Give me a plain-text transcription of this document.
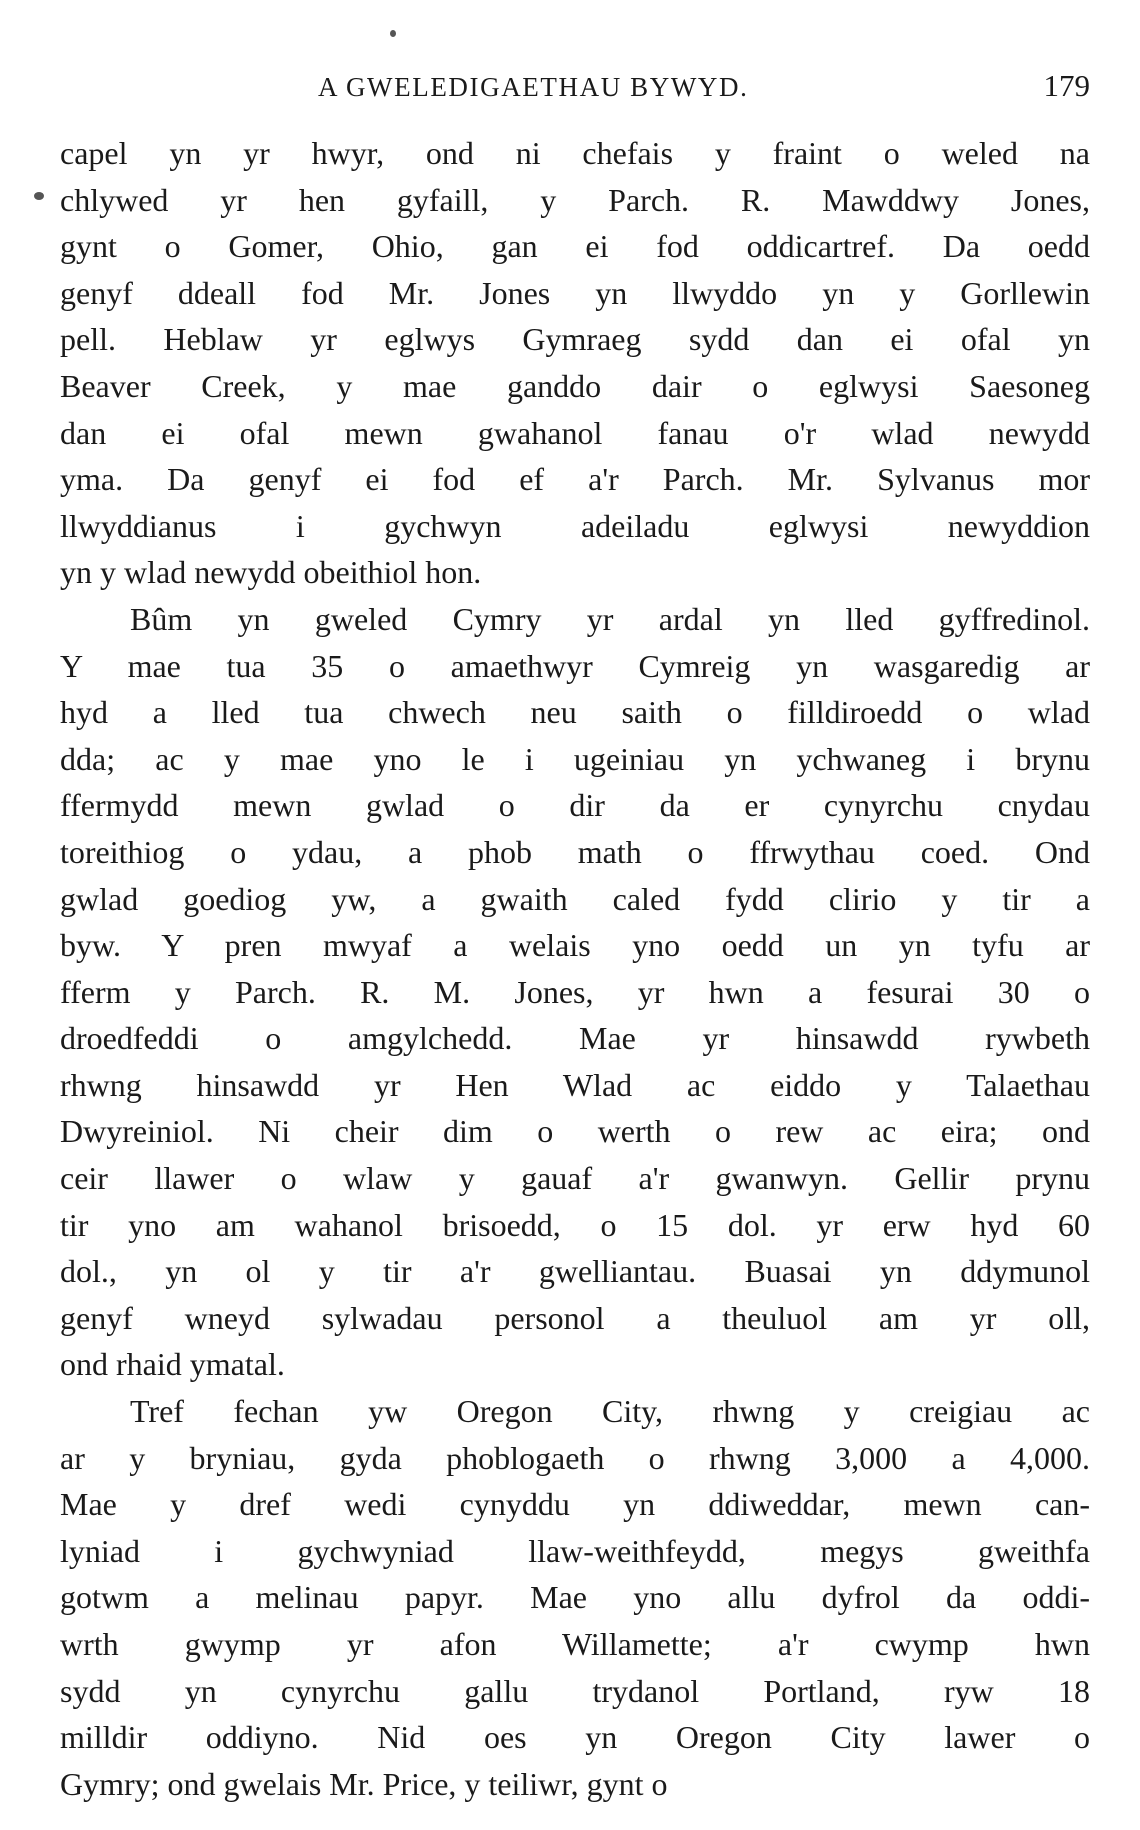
A GWELEDIGAETHAU BYWYD.	179
capel yn yr hwyr, ond ni chefais y fraint o weled na
chlywed yr hen gyfaill, y Parch. R. Mawddwy Jones,
gynt o Gomer, Ohio, gan ei fod oddicartref. Da oedd
genyf ddeall fod Mr. Jones yn llwyddo yn y Gorllewin
pell. Heblaw yr eglwys Gymraeg sydd dan ei ofal yn
Beaver Creek, y mae ganddo dair o eglwysi Saesoneg
dan ei ofal mewn gwahanol fanau o'r wlad newydd
yma. Da genyf ei fod ef a'r Parch. Mr. Sylvanus mor
llwyddianus i gychwyn adeiladu eglwysi newyddion
yn y wlad newydd obeithiol hon.
Bûm yn gweled Cymry yr ardal yn lled gyffredinol.
Y mae tua 35 o amaethwyr Cymreig yn wasgaredig ar
hyd a lled tua chwech neu saith o filldiroedd o wlad
dda; ac y mae yno le i ugeiniau yn ychwaneg i brynu
ffermydd mewn gwlad o dir da er cynyrchu cnydau
toreithiog o ydau, a phob math o ffrwythau coed. Ond
gwlad goediog yw, a gwaith caled fydd clirio y tir a
byw. Y pren mwyaf a welais yno oedd un yn tyfu ar
fferm y Parch. R. M. Jones, yr hwn a fesurai 30 o
droedfeddi o amgylchedd. Mae yr hinsawdd rywbeth
rhwng hinsawdd yr Hen Wlad ac eiddo y Talaethau
Dwyreiniol. Ni cheir dim o werth o rew ac eira; ond
ceir llawer o wlaw y gauaf a'r gwanwyn. Gellir prynu
tir yno am wahanol brisoedd, o 15 dol. yr erw hyd 60
dol., yn ol y tir a'r gwelliantau. Buasai yn ddymunol
genyf wneyd sylwadau personol a theuluol am yr oll,
ond rhaid ymatal.
Tref fechan yw Oregon City, rhwng y creigiau ac
ar y bryniau, gyda phoblogaeth o rhwng 3,000 a 4,000.
Mae y dref wedi cynyddu yn ddiweddar, mewn can-
lyniad i gychwyniad llaw-weithfeydd, megys gweithfa
gotwm a melinau papyr. Mae yno allu dyfrol da oddi-
wrth gwymp yr afon Willamette; a'r cwymp hwn
sydd yn cynyrchu gallu trydanol Portland, ryw 18
milldir oddiyno. Nid oes yn Oregon City lawer o
Gymry; ond gwelais Mr. Price, y teiliwr, gynt o
